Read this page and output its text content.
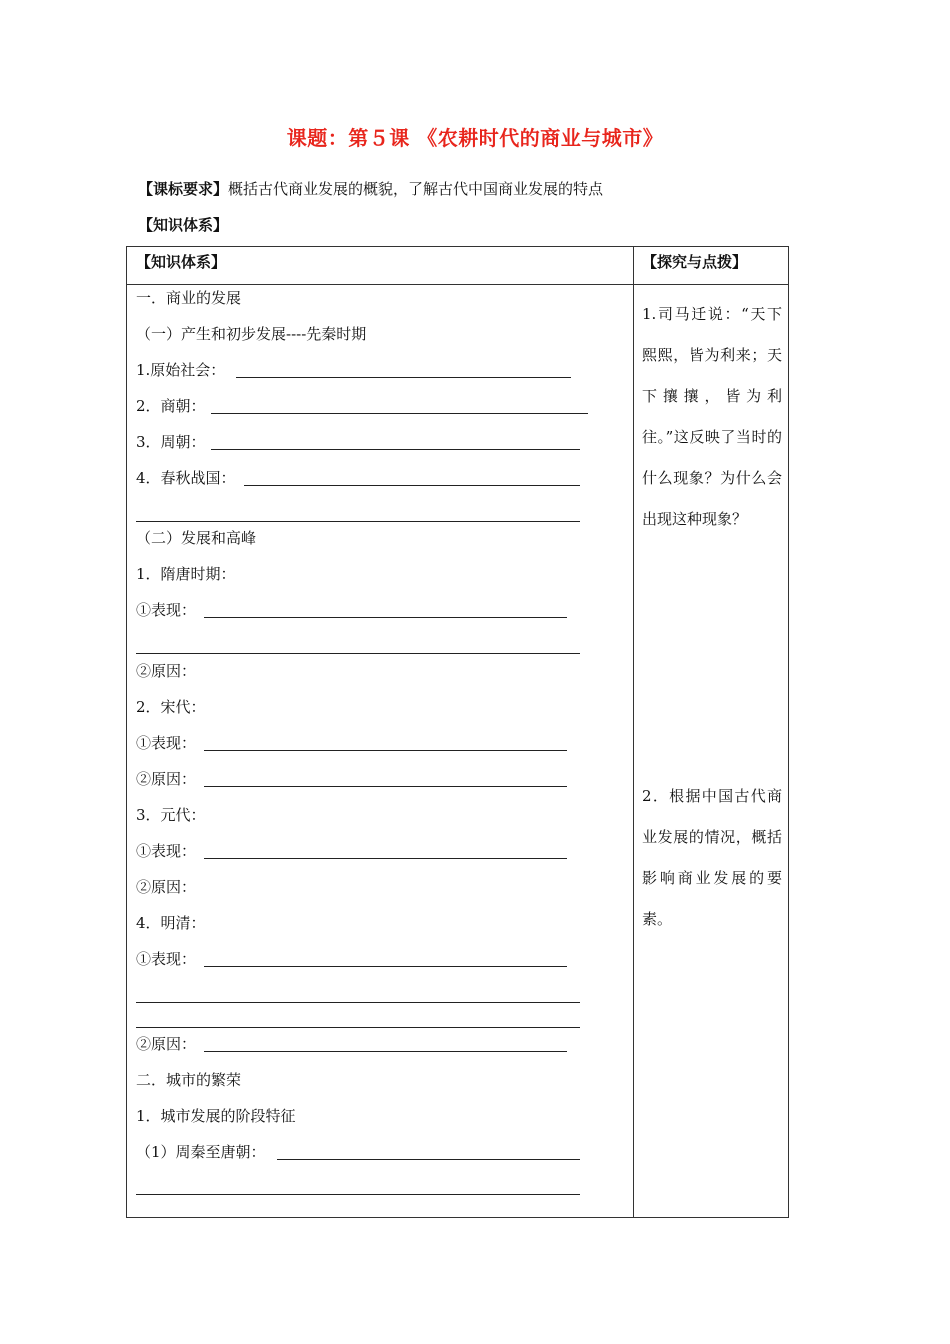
课题：第５课 《农耕时代的商业与城市》
【课标要求】概括古代商业发展的概貌，了解古代中国商业发展的特点
【知识体系】
【知识体系】	【探究与点拨】
一．商业的发展
（一）产生和初步发展----先秦时期
1.原始社会：
2．商朝：
3．周朝：
4．春秋战国：
（二）发展和高峰
1．隋唐时期：
①表现：
②原因：
2．宋代：
①表现：
②原因：
3．元代：
①表现：
②原因：
4．明清：
①表现：
②原因：
二．城市的繁荣
1．城市发展的阶段特征
（1）周秦至唐朝：
1.司马迁说：“天下熙熙，皆为利来；天下攘攘，皆为利往。”这反映了当时的什么现象？为什么会出现这种现象？
2．根据中国古代商业发展的情况，概括影响商业发展的要素。
